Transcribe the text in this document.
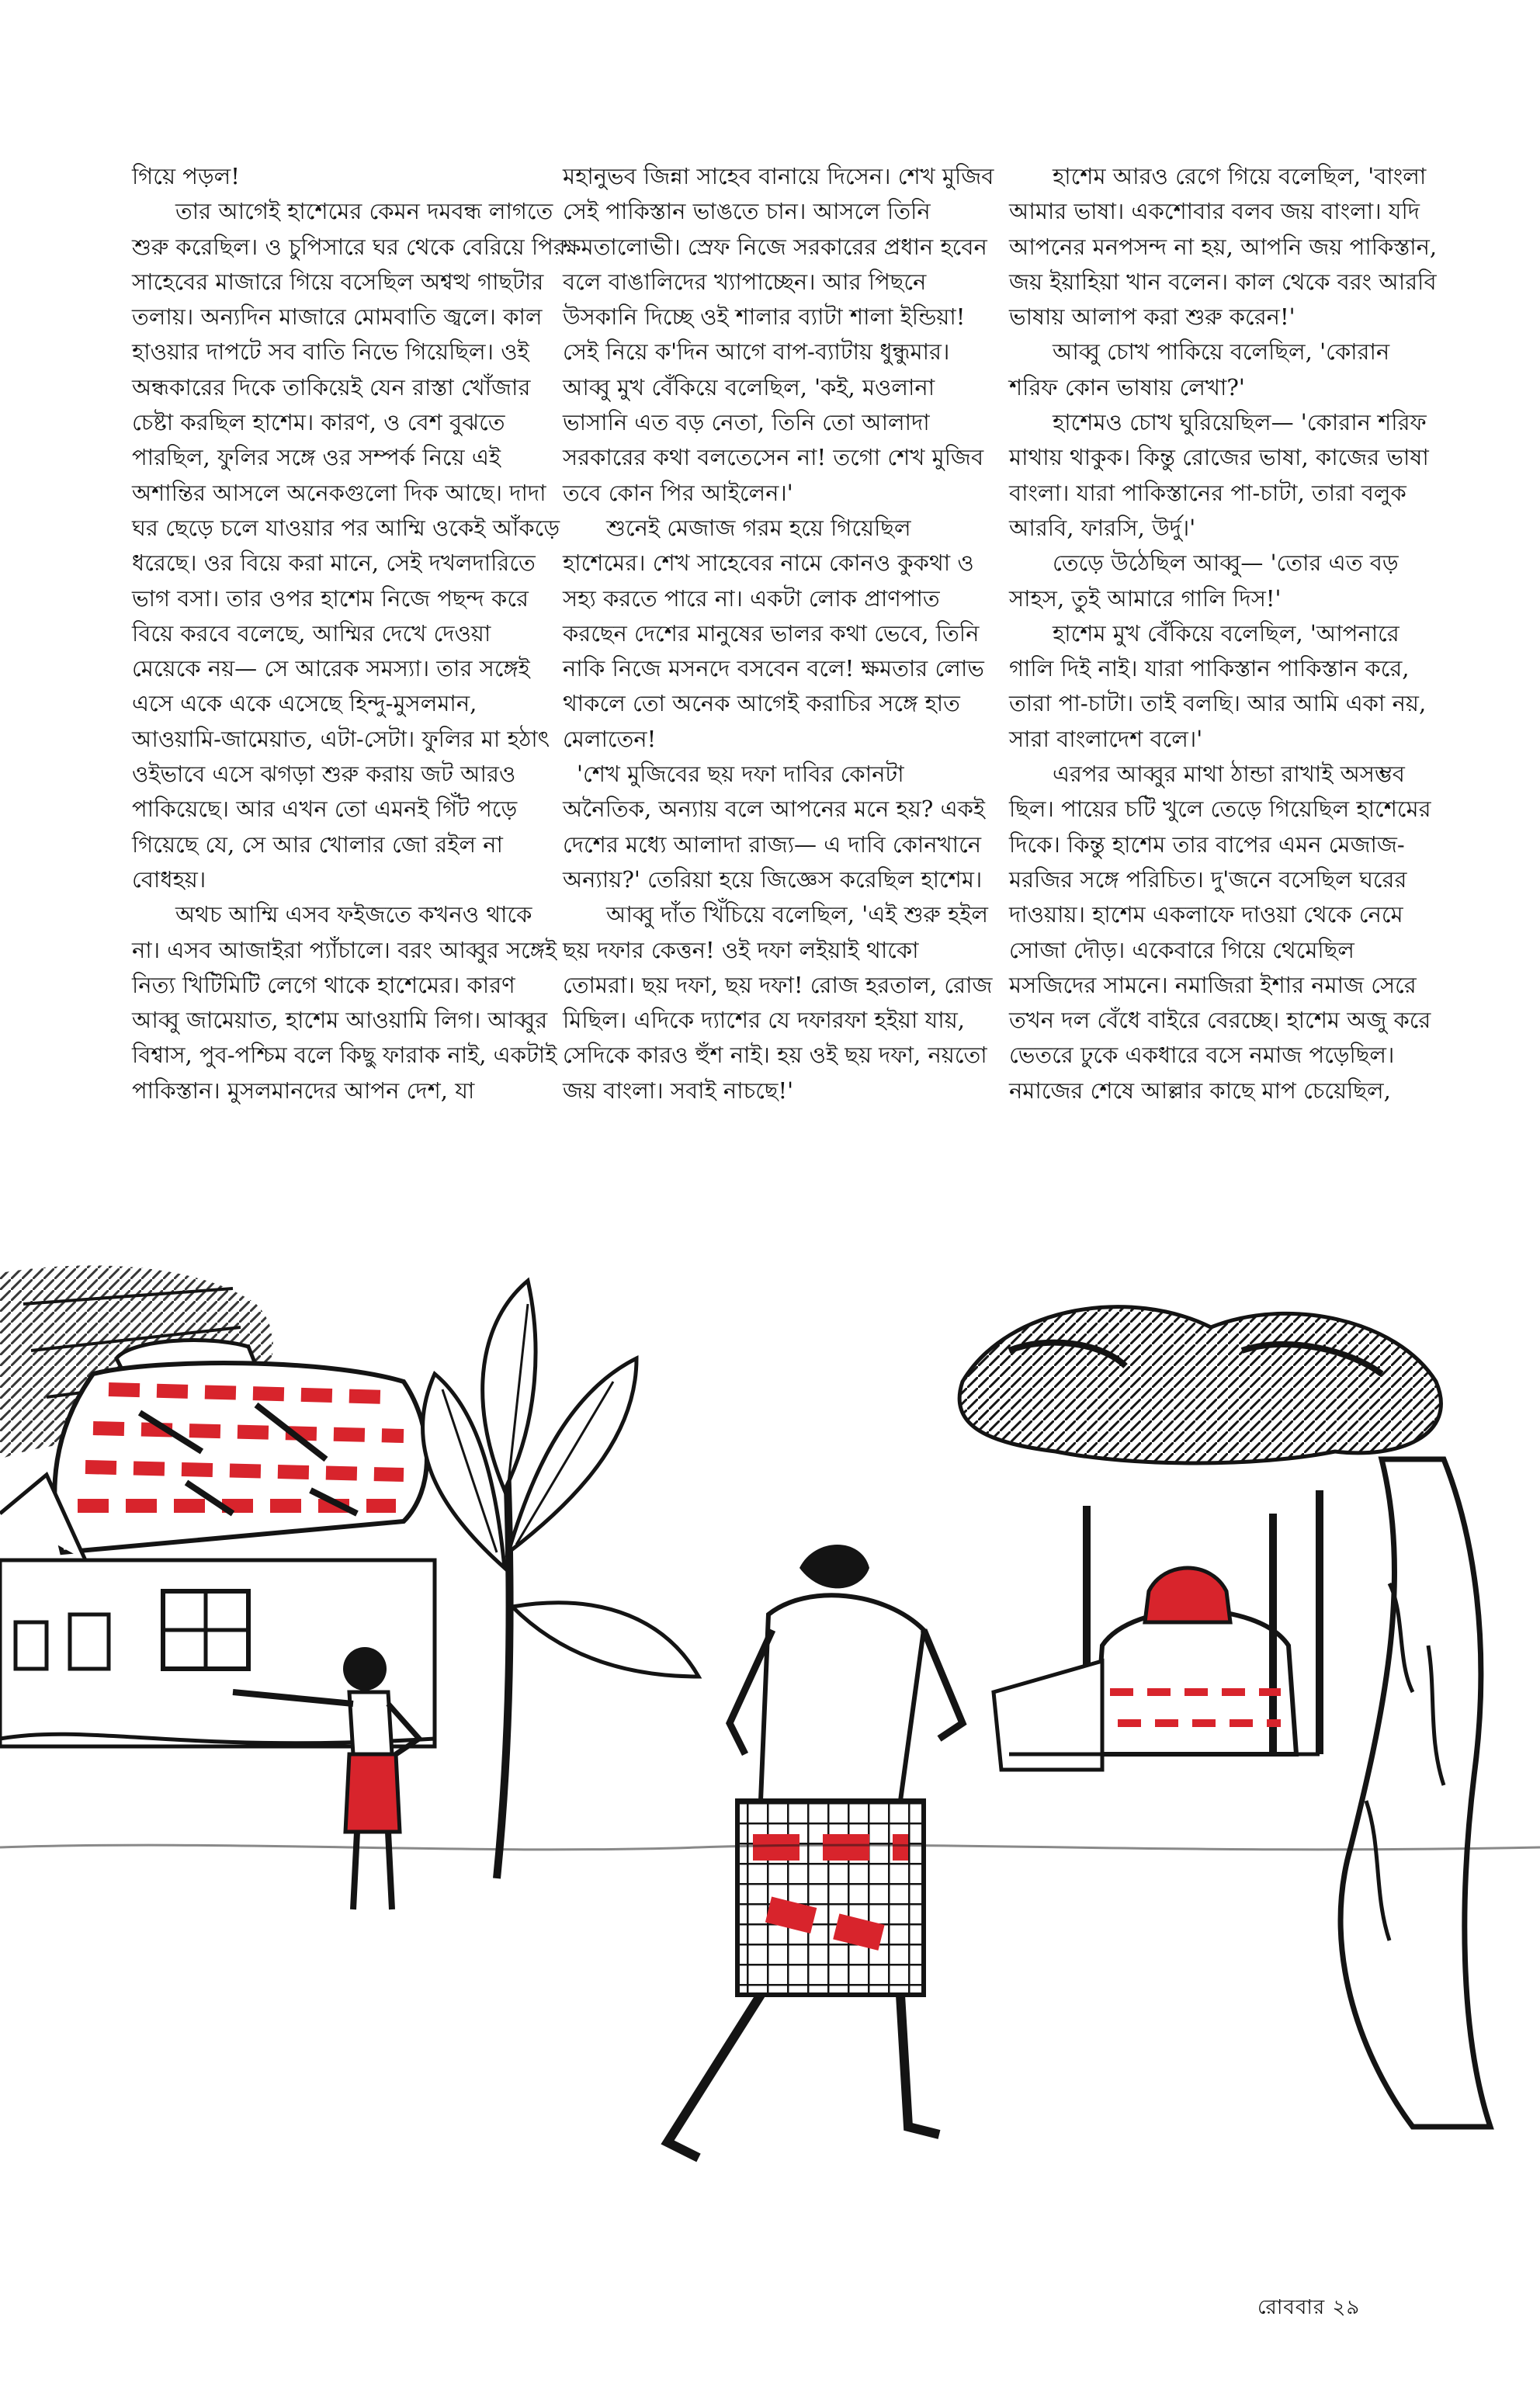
গিয়ে পড়ল!

তার আগেই হাশেমের কেমন দমবন্ধ লাগতে শুরু করেছিল। ও চুপিসারে ঘর থেকে বেরিয়ে পির সাহেবের মাজারে গিয়ে বসেছিল অশ্বত্থ গাছটার তলায়। অন্যদিন মাজারে মোমবাতি জ্বলে। কাল হাওয়ার দাপটে সব বাতি নিভে গিয়েছিল। ওই অন্ধকারের দিকে তাকিয়েই যেন রাস্তা খোঁজার চেষ্টা করছিল হাশেম। কারণ, ও বেশ বুঝতে পারছিল, ফুলির সঙ্গে ওর সম্পর্ক নিয়ে এই অশান্তির আসলে অনেকগুলো দিক আছে। দাদা ঘর ছেড়ে চলে যাওয়ার পর আম্মি ওকেই আঁকড়ে ধরেছে। ওর বিয়ে করা মানে, সেই দখলদারিতে ভাগ বসা। তার ওপর হাশেম নিজে পছন্দ করে বিয়ে করবে বলেছে, আম্মির দেখে দেওয়া মেয়েকে নয়— সে আরেক সমস্যা। তার সঙ্গেই এসে একে একে এসেছে হিন্দু-মুসলমান, আওয়ামি-জামেয়াত, এটা-সেটা। ফুলির মা হঠাৎ ওইভাবে এসে ঝগড়া শুরু করায় জট আরও পাকিয়েছে। আর এখন তো এমনই গিঁট পড়ে গিয়েছে যে, সে আর খোলার জো রইল না বোধহয়।

অথচ আম্মি এসব ফইজতে কখনও থাকে না। এসব আজাইরা প্যাঁচালে। বরং আব্বুর সঙ্গেই নিত্য খিটিমিটি লেগে থাকে হাশেমের। কারণ আব্বু জামেয়াত, হাশেম আওয়ামি লিগ। আব্বুর বিশ্বাস, পুব-পশ্চিম বলে কিছু ফারাক নাই, একটাই পাকিস্তান। মুসলমানদের আপন দেশ, যা

মহানুভব জিন্না সাহেব বানায়ে দিসেন। শেখ মুজিব সেই পাকিস্তান ভাঙতে চান। আসলে তিনি ক্ষমতালোভী। স্রেফ নিজে সরকারের প্রধান হবেন বলে বাঙালিদের খ্যাপাচ্ছেন। আর পিছনে উসকানি দিচ্ছে ওই শালার ব্যাটা শালা ইন্ডিয়া! সেই নিয়ে ক'দিন আগে বাপ-ব্যাটায় ধুন্ধুমার। আব্বু মুখ বেঁকিয়ে বলেছিল, 'কই, মওলানা ভাসানি এত বড় নেতা, তিনি তো আলাদা সরকারের কথা বলতেসেন না! তগো শেখ মুজিব তবে কোন পির আইলেন।'

শুনেই মেজাজ গরম হয়ে গিয়েছিল হাশেমের। শেখ সাহেবের নামে কোনও কুকথা ও সহ্য করতে পারে না। একটা লোক প্রাণপাত করছেন দেশের মানুষের ভালর কথা ভেবে, তিনি নাকি নিজে মসনদে বসবেন বলে! ক্ষমতার লোভ থাকলে তো অনেক আগেই করাচির সঙ্গে হাত মেলাতেন!

'শেখ মুজিবের ছয় দফা দাবির কোনটা অনৈতিক, অন্যায় বলে আপনের মনে হয়? একই দেশের মধ্যে আলাদা রাজ্য— এ দাবি কোনখানে অন্যায়?' তেরিয়া হয়ে জিজ্ঞেস করেছিল হাশেম।

আব্বু দাঁত খিঁচিয়ে বলেছিল, 'এই শুরু হইল ছয় দফার কেত্তন! ওই দফা লইয়াই থাকো তোমরা। ছয় দফা, ছয় দফা! রোজ হরতাল, রোজ মিছিল। এদিকে দ্যাশের যে দফারফা হইয়া যায়, সেদিকে কারও হুঁশ নাই। হয় ওই ছয় দফা, নয়তো জয় বাংলা। সবাই নাচছে!'

হাশেম আরও রেগে গিয়ে বলেছিল, 'বাংলা আমার ভাষা। একশোবার বলব জয় বাংলা। যদি আপনের মনপসন্দ না হয়, আপনি জয় পাকিস্তান, জয় ইয়াহিয়া খান বলেন। কাল থেকে বরং আরবি ভাষায় আলাপ করা শুরু করেন!'

আব্বু চোখ পাকিয়ে বলেছিল, 'কোরান শরিফ কোন ভাষায় লেখা?'

হাশেমও চোখ ঘুরিয়েছিল— 'কোরান শরিফ মাথায় থাকুক। কিন্তু রোজের ভাষা, কাজের ভাষা বাংলা। যারা পাকিস্তানের পা-চাটা, তারা বলুক আরবি, ফারসি, উর্দু।'

তেড়ে উঠেছিল আব্বু— 'তোর এত বড় সাহস, তুই আমারে গালি দিস!'

হাশেম মুখ বেঁকিয়ে বলেছিল, 'আপনারে গালি দিই নাই। যারা পাকিস্তান পাকিস্তান করে, তারা পা-চাটা। তাই বলছি। আর আমি একা নয়, সারা বাংলাদেশ বলে।'

এরপর আব্বুর মাথা ঠান্ডা রাখাই অসম্ভব ছিল। পায়ের চটি খুলে তেড়ে গিয়েছিল হাশেমের দিকে। কিন্তু হাশেম তার বাপের এমন মেজাজ-মরজির সঙ্গে পরিচিত। দু'জনে বসেছিল ঘরের দাওয়ায়। হাশেম একলাফে দাওয়া থেকে নেমে সোজা দৌড়। একেবারে গিয়ে থেমেছিল মসজিদের সামনে। নমাজিরা ইশার নমাজ সেরে তখন দল বেঁধে বাইরে বেরচ্ছে। হাশেম অজু করে ভেতরে ঢুকে একধারে বসে নমাজ পড়েছিল। নমাজের শেষে আল্লার কাছে মাপ চেয়েছিল,

রোববার ২৯
